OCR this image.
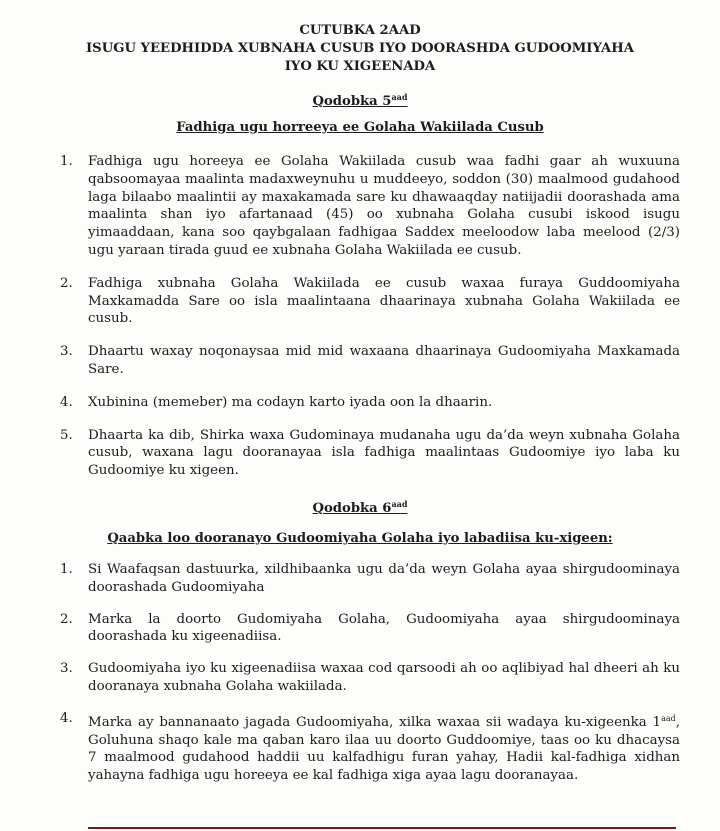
CUTUBKA 2AAD
ISUGU YEEDHIDDA XUBNAHA CUSUB IYO DOORASHDA GUDOOMIYAHA
IYO KU XIGEENADA
Qodobka $5^{aad}$
Fadhiga ugu horreeya ee Golaha Wakiilada Cusub
1.	Fadhiga ugu horeeya ee Golaha Wakiilada cusub waa fadhi gaar ah wuxuuna qabsoomayaa maalinta madaxweynuhu u muddeeyo, soddon (30) maalmood gudahood laga bilaabo maalintii ay maxakamada sare ku dhawaaqday natiijadii doorashada ama maalinta shan iyo afartanaad (45) oo xubnaha Golaha cusubi iskood isugu yimaaddaan, kana soo qaybgalaan fadhigaa Saddex meeloodow laba meelood (2/3) ugu yaraan tirada guud ee xubnaha Golaha Wakiilada ee cusub.
2.	Fadhiga xubnaha Golaha Wakiilada ee cusub waxaa furaya Guddoomiyaha Maxkamadda Sare oo isla maalintaana dhaarinaya xubnaha Golaha Wakiilada ee cusub.
3.	Dhaartu waxay noqonaysaa mid mid waxaana dhaarinaya Gudoomiyaha Maxkamada Sare.
4.	Xubinina (memeber) ma codayn karto iyada oon la dhaarin.
5.	Dhaarta ka dib, Shirka waxa Gudominaya mudanaha ugu da’da weyn xubnaha Golaha cusub, waxana lagu dooranayaa isla fadhiga maalintaas Gudoomiye iyo laba ku Gudoomiye ku xigeen.
Qodobka $6^{aad}$
Qaabka loo dooranayo Gudoomiyaha Golaha iyo labadiisa ku-xigeen:
1.	Si Waafaqsan dastuurka, xildhibaanka ugu da’da weyn Golaha ayaa shirgudoominaya doorashada Gudoomiyaha
2.	Marka la doorto Gudomiyaha Golaha, Gudoomiyaha ayaa shirgudoominaya doorashada ku xigeenadiisa.
3.	Gudoomiyaha iyo ku xigeenadiisa waxaa cod qarsoodi ah oo aqlibiyad hal dheeri ah ku dooranaya xubnaha Golaha wakiilada.
4.	Marka ay bannanaato jagada Gudoomiyaha, xilka waxaa sii wadaya ku-xigeenka $1^{aad}$, Goluhuna shaqo kale ma qaban karo ilaa uu doorto Guddoomiye, taas oo ku dhacaysa 7 maalmood gudahood haddii uu kalfadhigu furan yahay, Hadii kal-fadhiga xidhan yahayna fadhiga ugu horeeya ee kal fadhiga xiga ayaa lagu dooranayaa.
